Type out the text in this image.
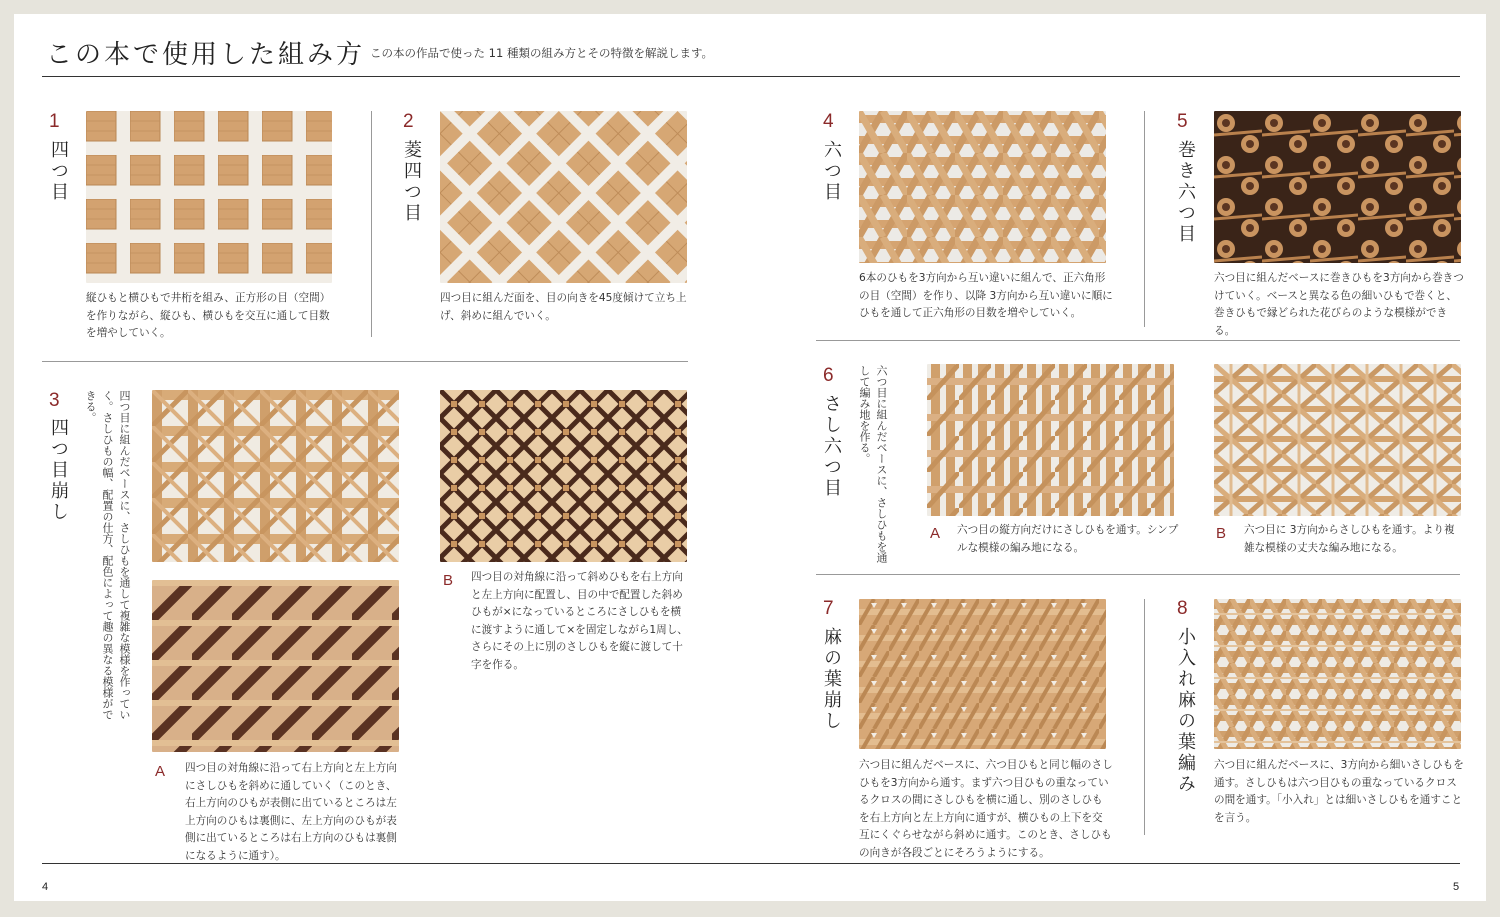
この本で使用した組み方 この本の作品で使った 11 種類の組み方とその特徴を解説します。
1
四つ目
縦ひもと横ひもで井桁を組み、正方形の目（空間）を作りながら、縦ひも、横ひもを交互に通して目数を増やしていく。
2
菱四つ目
四つ目に組んだ面を、目の向きを45度傾けて立ち上げ、斜めに組んでいく。
3
四つ目崩し	四つ目に組んだベースに、さしひもを通して複雑な模様を作っていく。さしひもの幅、配置の仕方、配色によって趣の異なる模様ができる。
A 四つ目の対角線に沿って右上方向と左上方向にさしひもを斜めに通していく（このとき、右上方向のひもが表側に出ているところは左上方向のひもは裏側に、左上方向のひもが表側に出ているところは右上方向のひもは裏側になるように通す）。
B 四つ目の対角線に沿って斜めひもを右上方向と左上方向に配置し、目の中で配置した斜めひもが×になっているところにさしひもを横に渡すように通して×を固定しながら1周し、さらにその上に別のさしひもを縦に渡して十字を作る。
4
六つ目
6本のひもを3方向から互い違いに組んで、正六角形の目（空間）を作り、以降 3方向から互い違いに順にひもを通して正六角形の目数を増やしていく。
5
巻き六つ目
六つ目に組んだベースに巻きひもを3方向から巻きつけていく。ベースと異なる色の細いひもで巻くと、巻きひもで縁どられた花びらのような模様ができる。
6
さし六つ目	六つ目に組んだベースに、さしひもを通して編み地を作る。
A 六つ目の縦方向だけにさしひもを通す。シンプルな模様の編み地になる。
B 六つ目に 3方向からさしひもを通す。より複雑な模様の丈夫な編み地になる。
7
麻の葉崩し
六つ目に組んだベースに、六つ目ひもと同じ幅のさしひもを3方向から通す。まず六つ目ひもの重なっているクロスの間にさしひもを横に通し、別のさしひもを右上方向と左上方向に通すが、横ひもの上下を交互にくぐらせながら斜めに通す。このとき、さしひもの向きが各段ごとにそろうようにする。
8
小入れ麻の葉編み 六つ目に組んだベースに、3方向から細いさしひもを通す。さしひもは六つ目ひもの重なっているクロスの間を通す。「小入れ」とは細いさしひもを通すことを言う。
4	5
